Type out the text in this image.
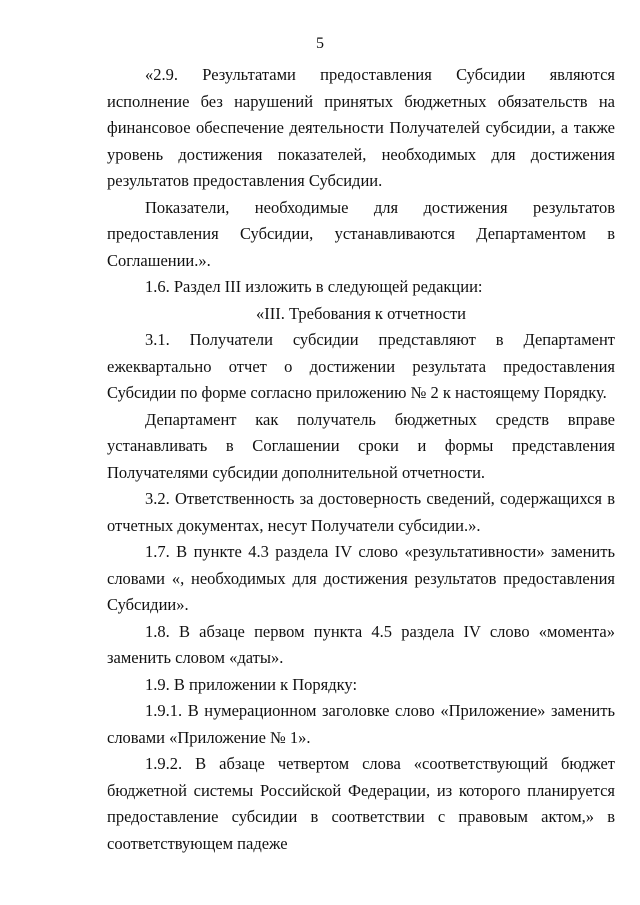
5

«2.9. Результатами предоставления Субсидии являются исполнение без нарушений принятых бюджетных обязательств на финансовое обеспечение деятельности Получателей субсидии, а также уровень достижения показателей, необходимых для достижения результатов предоставления Субсидии.

Показатели, необходимые для достижения результатов предоставления Субсидии, устанавливаются Департаментом в Соглашении.».

1.6. Раздел III изложить в следующей редакции:

«III. Требования к отчетности

3.1. Получатели субсидии представляют в Департамент ежеквартально отчет о достижении результата предоставления Субсидии по форме согласно приложению № 2 к настоящему Порядку.

Департамент как получатель бюджетных средств вправе устанавливать в Соглашении сроки и формы представления Получателями субсидии дополнительной отчетности.

3.2. Ответственность за достоверность сведений, содержащихся в отчетных документах, несут Получатели субсидии.».

1.7. В пункте 4.3 раздела IV слово «результативности» заменить словами «, необходимых для достижения результатов предоставления Субсидии».

1.8. В абзаце первом пункта 4.5 раздела IV слово «момента» заменить словом «даты».

1.9. В приложении к Порядку:

1.9.1. В нумерационном заголовке слово «Приложение» заменить словами «Приложение № 1».

1.9.2. В абзаце четвертом слова «соответствующий бюджет бюджетной системы Российской Федерации, из которого планируется предоставление субсидии в соответствии с правовым актом,» в соответствующем падеже
